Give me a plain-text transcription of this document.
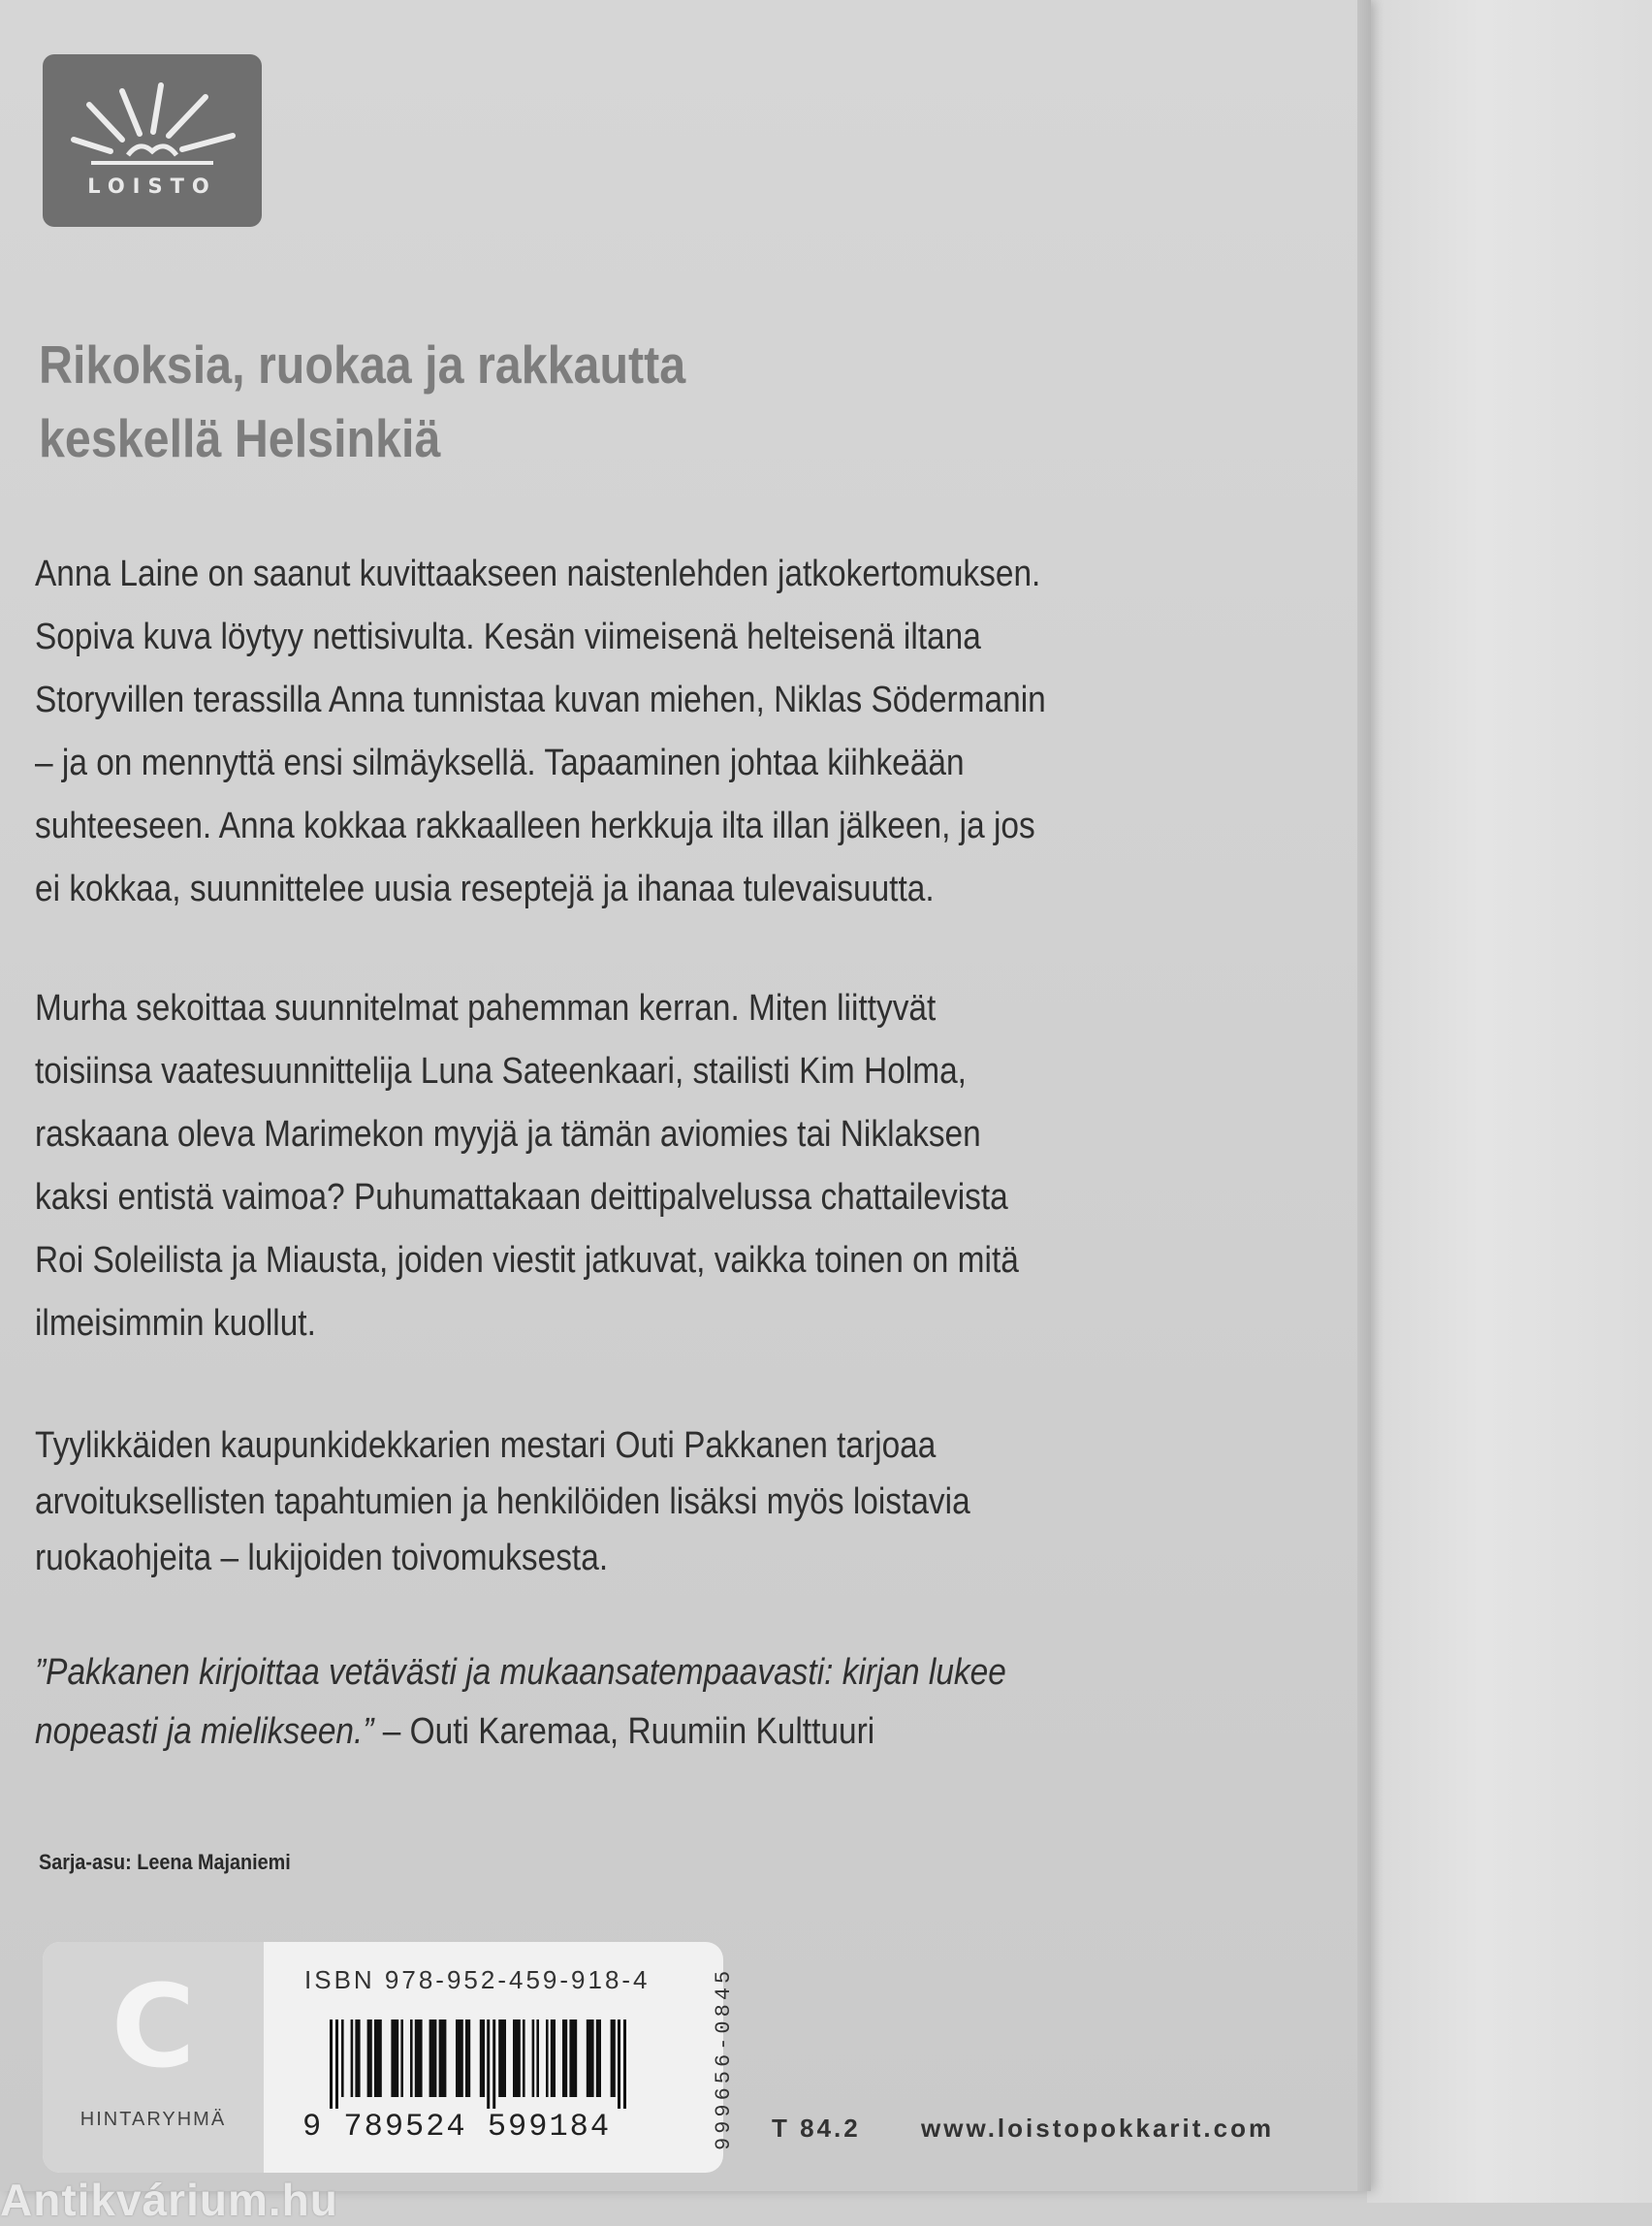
LOISTO
Rikoksia, ruokaa ja rakkautta
keskellä Helsinkiä
Anna Laine on saanut kuvittaakseen naistenlehden jatkokertomuksen.
Sopiva kuva löytyy nettisivulta. Kesän viimeisenä helteisenä iltana
Storyvillen terassilla Anna tunnistaa kuvan miehen, Niklas Södermanin
– ja on mennyttä ensi silmäyksellä. Tapaaminen johtaa kiihkeään
suhteeseen. Anna kokkaa rakkaalleen herkkuja ilta illan jälkeen, ja jos
ei kokkaa, suunnittelee uusia reseptejä ja ihanaa tulevaisuutta.
Murha sekoittaa suunnitelmat pahemman kerran. Miten liittyvät
toisiinsa vaatesuunnittelija Luna Sateenkaari, stailisti Kim Holma,
raskaana oleva Marimekon myyjä ja tämän aviomies tai Niklaksen
kaksi entistä vaimoa? Puhumattakaan deittipalvelussa chattailevista
Roi Soleilista ja Miausta, joiden viestit jatkuvat, vaikka toinen on mitä
ilmeisimmin kuollut.
Tyylikkäiden kaupunkidekkarien mestari Outi Pakkanen tarjoaa
arvoituksellisten tapahtumien ja henkilöiden lisäksi myös loistavia
ruokaohjeita – lukijoiden toivomuksesta.
”Pakkanen kirjoittaa vetävästi ja mukaansatempaavasti: kirjan lukee
nopeasti ja mielikseen.” – Outi Karemaa, Ruumiin Kulttuuri
Sarja-asu: Leena Majaniemi
C
HINTARYHMÄ
ISBN 978-952-459-918-4
9 789524 599184	999656-0845 T 84.2 www.loistopokkarit.com
Antikvárium.hu
